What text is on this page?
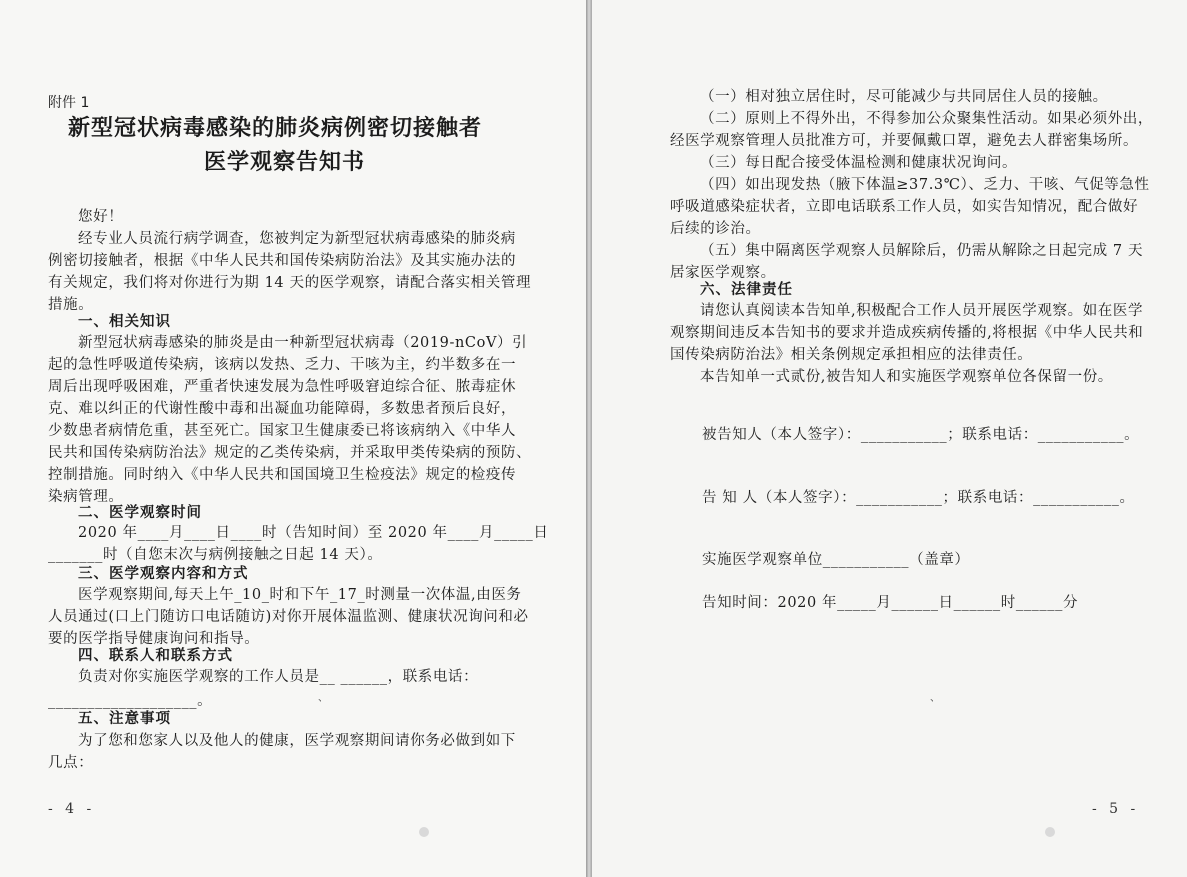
附件 1
新型冠状病毒感染的肺炎病例密切接触者
医学观察告知书
您好！
经专业人员流行病学调查，您被判定为新型冠状病毒感染的肺炎病
例密切接触者，根据《中华人民共和国传染病防治法》及其实施办法的
有关规定，我们将对你进行为期 14 天的医学观察，请配合落实相关管理
措施。
一、相关知识
新型冠状病毒感染的肺炎是由一种新型冠状病毒（2019-nCoV）引
起的急性呼吸道传染病，该病以发热、乏力、干咳为主，约半数多在一
周后出现呼吸困难，严重者快速发展为急性呼吸窘迫综合征、脓毒症休
克、难以纠正的代谢性酸中毒和出凝血功能障碍，多数患者预后良好，
少数患者病情危重，甚至死亡。国家卫生健康委已将该病纳入《中华人
民共和国传染病防治法》规定的乙类传染病，并采取甲类传染病的预防、
控制措施。同时纳入《中华人民共和国国境卫生检疫法》规定的检疫传
染病管理。
二、医学观察时间
2020 年____月____日____时（告知时间）至 2020 年____月_____日
_______时（自您末次与病例接触之日起 14 天）。
三、医学观察内容和方式
医学观察期间,每天上午_10_时和下午_17_时测量一次体温,由医务
人员通过(口上门随访口电话随访)对你开展体温监测、健康状况询问和必
要的医学指导健康询问和指导。
四、联系人和联系方式
负责对你实施医学观察的工作人员是__ ______，联系电话：
、
___________________。
五、注意事项
为了您和您家人以及他人的健康，医学观察期间请你务必做到如下
几点：
- 4 -
（一）相对独立居住时，尽可能减少与共同居住人员的接触。
（二）原则上不得外出，不得参加公众聚集性活动。如果必须外出，
经医学观察管理人员批准方可，并要佩戴口罩，避免去人群密集场所。
（三）每日配合接受体温检测和健康状况询问。
（四）如出现发热（腋下体温≥37.3℃）、乏力、干咳、气促等急性
呼吸道感染症状者，立即电话联系工作人员，如实告知情况，配合做好
后续的诊治。
（五）集中隔离医学观察人员解除后，仍需从解除之日起完成 7 天
居家医学观察。
六、法律责任
请您认真阅读本告知单,积极配合工作人员开展医学观察。如在医学
观察期间违反本告知书的要求并造成疾病传播的,将根据《中华人民共和
国传染病防治法》相关条例规定承担相应的法律责任。
本告知单一式贰份,被告知人和实施医学观察单位各保留一份。
被告知人（本人签字）：___________；联系电话：___________。
告 知 人（本人签字）：___________；联系电话：___________。
实施医学观察单位___________（盖章）
告知时间：2020 年_____月______日______时______分
、
- 5 -
